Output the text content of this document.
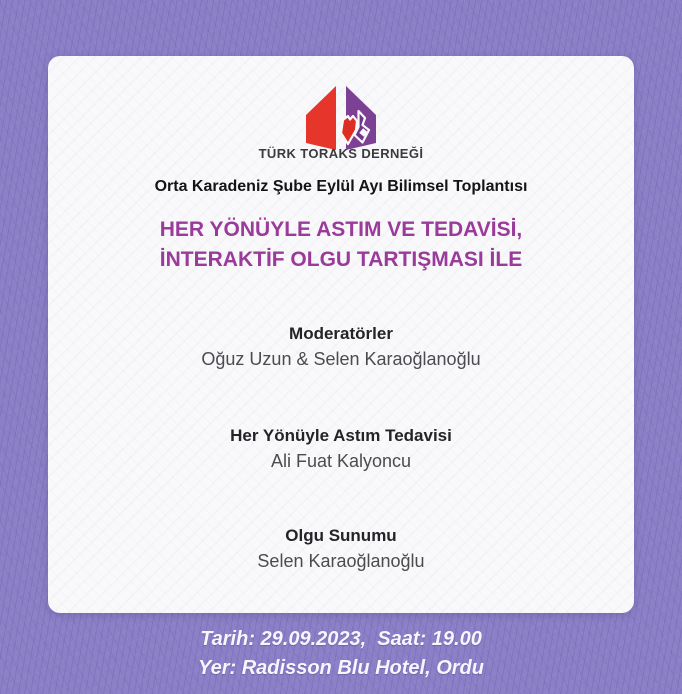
TÜRK TORAKS DERNEĞİ
Orta Karadeniz Şube Eylül Ayı Bilimsel Toplantısı
HER YÖNÜYLE ASTIM VE TEDAVİSİ,
İNTERAKTİF OLGU TARTIŞMASI İLE
Moderatörler
Oğuz Uzun & Selen Karaoğlanoğlu
Her Yönüyle Astım Tedavisi
Ali Fuat Kalyoncu
Olgu Sunumu
Selen Karaoğlanoğlu
Tarih: 29.09.2023,  Saat: 19.00
Yer: Radisson Blu Hotel, Ordu
